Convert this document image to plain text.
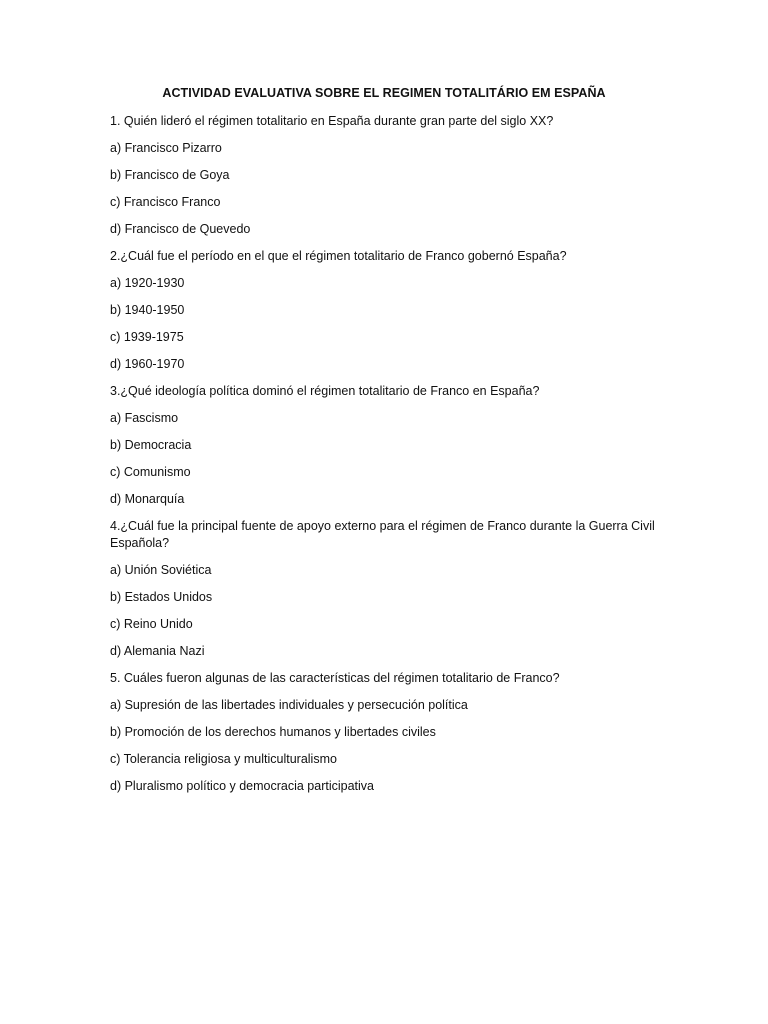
ACTIVIDAD EVALUATIVA SOBRE EL REGIMEN TOTALITÁRIO EM ESPAÑA
1. Quién lideró el régimen totalitario en España durante gran parte del siglo XX?
a) Francisco Pizarro
b) Francisco de Goya
c) Francisco Franco
d) Francisco de Quevedo
2.¿Cuál fue el período en el que el régimen totalitario de Franco gobernó España?
a) 1920-1930
b) 1940-1950
c) 1939-1975
d) 1960-1970
3.¿Qué ideología política dominó el régimen totalitario de Franco en España?
a) Fascismo
b) Democracia
c) Comunismo
d) Monarquía
4.¿Cuál fue la principal fuente de apoyo externo para el régimen de Franco durante la Guerra Civil Española?
a) Unión Soviética
b) Estados Unidos
c) Reino Unido
d) Alemania Nazi
5. Cuáles fueron algunas de las características del régimen totalitario de Franco?
a) Supresión de las libertades individuales y persecución política
b) Promoción de los derechos humanos y libertades civiles
c) Tolerancia religiosa y multiculturalismo
d) Pluralismo político y democracia participativa
